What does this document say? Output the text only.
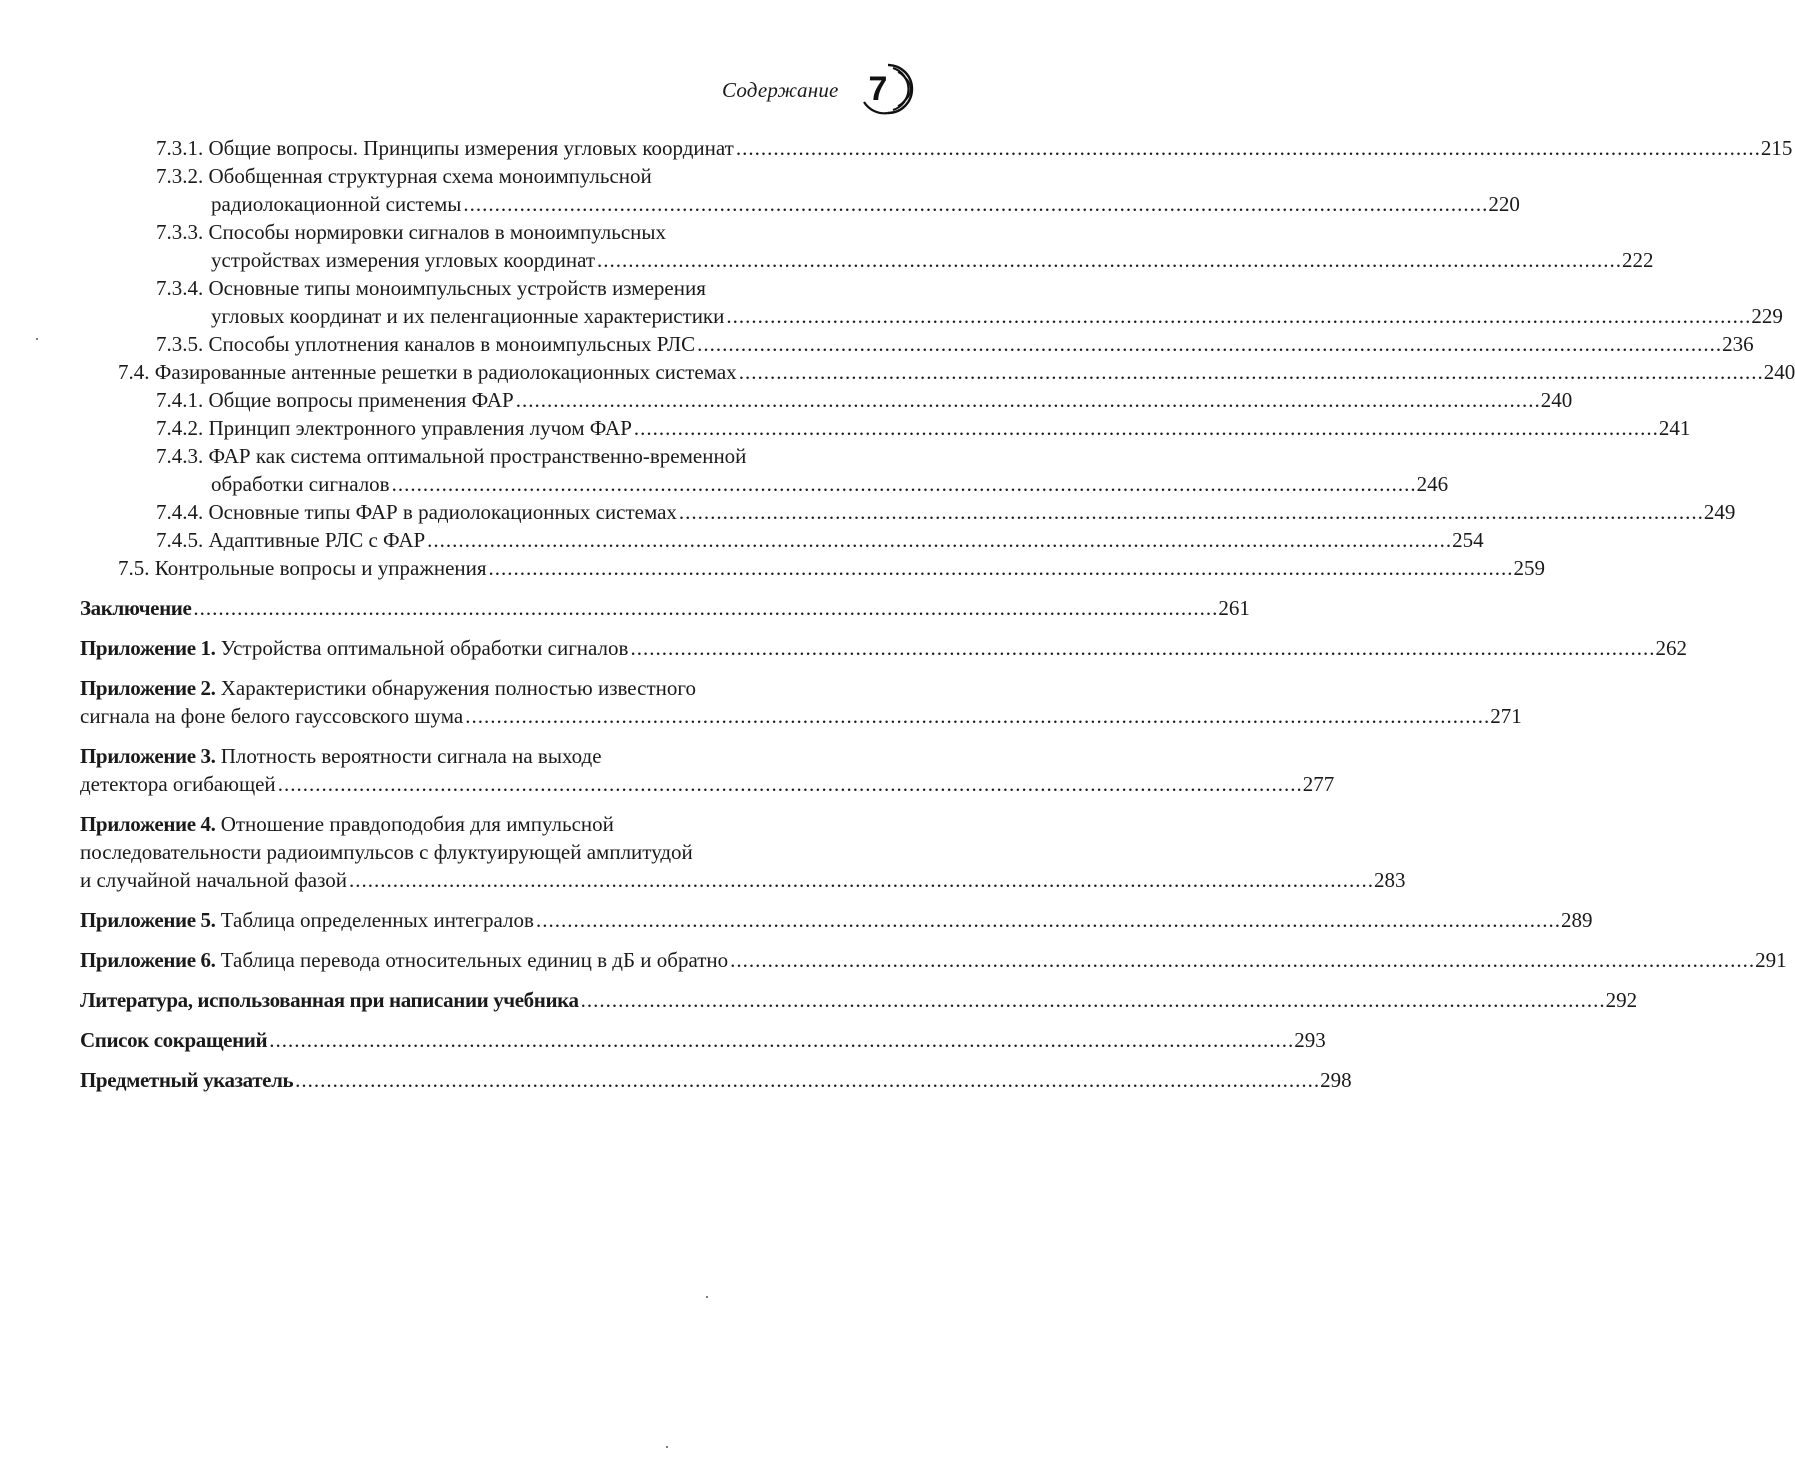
Содержание 7
7.3.1. Общие вопросы. Принципы измерения угловых координат .................................................................................................................................................................... 215
7.3.2. Обобщенная структурная схема моноимпульсной
радиолокационной системы .................................................................................................................................................................... 220
7.3.3. Способы нормировки сигналов в моноимпульсных
устройствах измерения угловых координат .................................................................................................................................................................... 222
7.3.4. Основные типы моноимпульсных устройств измерения
угловых координат и их пеленгационные характеристики .................................................................................................................................................................... 229
7.3.5. Способы уплотнения каналов в моноимпульсных РЛС .................................................................................................................................................................... 236
7.4. Фазированные антенные решетки в радиолокационных системах .................................................................................................................................................................... 240
7.4.1. Общие вопросы применения ФАР .................................................................................................................................................................... 240
7.4.2. Принцип электронного управления лучом ФАР .................................................................................................................................................................... 241
7.4.3. ФАР как система оптимальной пространственно-временной
обработки сигналов .................................................................................................................................................................... 246
7.4.4. Основные типы ФАР в радиолокационных системах .................................................................................................................................................................... 249
7.4.5. Адаптивные РЛС с ФАР .................................................................................................................................................................... 254
7.5. Контрольные вопросы и упражнения .................................................................................................................................................................... 259
Заключение .................................................................................................................................................................... 261
Приложение 1.
Устройства оптимальной обработки сигналов .................................................................................................................................................................... 262
Приложение 2. Характеристики обнаружения полностью известного
сигнала на фоне белого гауссовского шума .................................................................................................................................................................... 271
Приложение 3. Плотность вероятности сигнала на выходе
детектора огибающей .................................................................................................................................................................... 277
Приложение 4. Отношение правдоподобия для импульсной
последовательности радиоимпульсов с флуктуирующей амплитудой
и случайной начальной фазой .................................................................................................................................................................... 283
Приложение 5.
Таблица определенных интегралов .................................................................................................................................................................... 289
Приложение 6.
Таблица перевода относительных единиц в дБ и обратно .................................................................................................................................................................... 291
Литература, использованная при написании учебника .................................................................................................................................................................... 292
Список сокращений .................................................................................................................................................................... 293
Предметный указатель .................................................................................................................................................................... 298
